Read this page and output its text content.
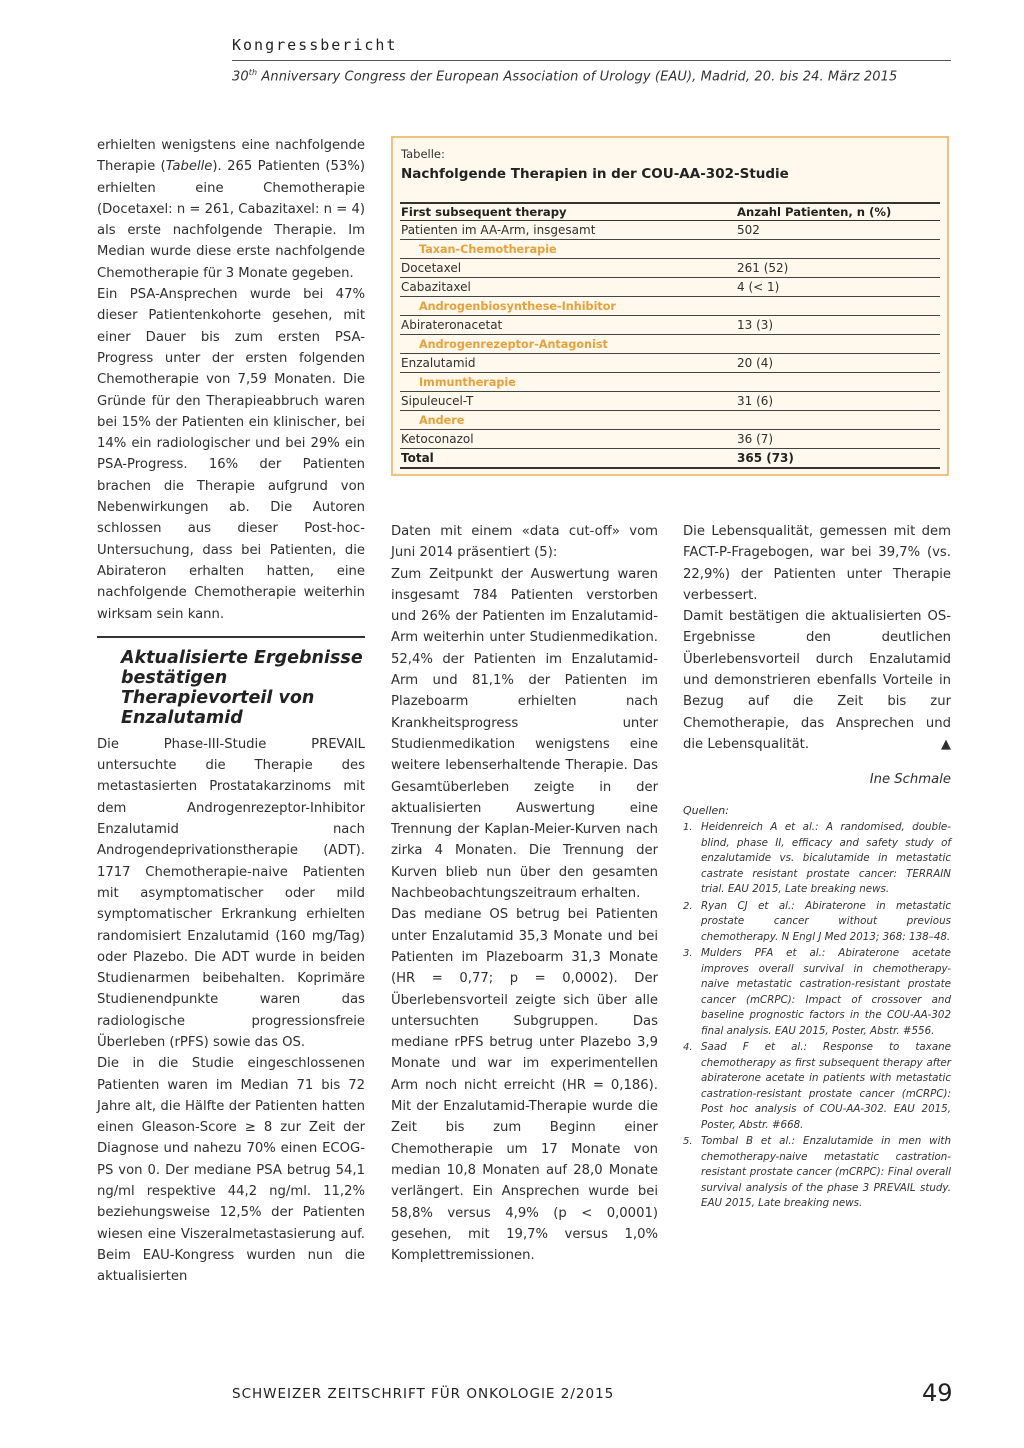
Kongressbericht
30th Anniversary Congress der European Association of Urology (EAU), Madrid, 20. bis 24. März 2015

erhielten wenigstens eine nachfolgende Therapie (Tabelle). 265 Patienten (53%) erhielten eine Chemotherapie (Docetaxel: n = 261, Cabazitaxel: n = 4) als erste nachfolgende Therapie. Im Median wurde diese erste nachfolgende Chemotherapie für 3 Monate gegeben.

Ein PSA-Ansprechen wurde bei 47% dieser Patientenkohorte gesehen, mit einer Dauer bis zum ersten PSA-Progress unter der ersten folgenden Chemotherapie von 7,59 Monaten. Die Gründe für den Therapieabbruch waren bei 15% der Patienten ein klinischer, bei 14% ein radiologischer und bei 29% ein PSA-Progress. 16% der Patienten brachen die Therapie aufgrund von Nebenwirkungen ab. Die Autoren schlossen aus dieser Post-hoc-Untersuchung, dass bei Patienten, die Abirateron erhalten hatten, eine nachfolgende Chemotherapie weiterhin wirksam sein kann.

Aktualisierte Ergebnisse bestätigen Therapievorteil von Enzalutamid

Die Phase-III-Studie PREVAIL untersuchte die Therapie des metastasierten Prostatakarzinoms mit dem Androgenrezeptor-Inhibitor Enzalutamid nach Androgendeprivationstherapie (ADT). 1717 Chemotherapie-naive Patienten mit asymptomatischer oder mild symptomatischer Erkrankung erhielten randomisiert Enzalutamid (160 mg/Tag) oder Plazebo. Die ADT wurde in beiden Studienarmen beibehalten. Koprimäre Studienendpunkte waren das radiologische progressionsfreie Überleben (rPFS) sowie das OS.

Die in die Studie eingeschlossenen Patienten waren im Median 71 bis 72 Jahre alt, die Hälfte der Patienten hatten einen Gleason-Score ≥ 8 zur Zeit der Diagnose und nahezu 70% einen ECOG-PS von 0. Der mediane PSA betrug 54,1 ng/ml respektive 44,2 ng/ml. 11,2% beziehungsweise 12,5% der Patienten wiesen eine Viszeralmetastasierung auf. Beim EAU-Kongress wurden nun die aktualisierten

Tabelle:
Nachfolgende Therapien in der COU-AA-302-Studie
First subsequent therapy	Anzahl Patienten, n (%)
Patienten im AA-Arm, insgesamt	502
Taxan-Chemotherapie
Docetaxel	261 (52)
Cabazitaxel	4 (< 1)
Androgenbiosynthese-Inhibitor
Abirateronacetat	13 (3)
Androgenrezeptor-Antagonist
Enzalutamid	20 (4)
Immuntherapie
Sipuleucel-T	31 (6)
Andere
Ketoconazol	36 (7)
Total	365 (73)

Daten mit einem «data cut-off» vom Juni 2014 präsentiert (5):

Zum Zeitpunkt der Auswertung waren insgesamt 784 Patienten verstorben und 26% der Patienten im Enzalutamid-Arm weiterhin unter Studienmedikation. 52,4% der Patienten im Enzalutamid-Arm und 81,1% der Patienten im Plazeboarm erhielten nach Krankheitsprogress unter Studienmedikation wenigstens eine weitere lebenserhaltende Therapie. Das Gesamtüberleben zeigte in der aktualisierten Auswertung eine Trennung der Kaplan-Meier-Kurven nach zirka 4 Monaten. Die Trennung der Kurven blieb nun über den gesamten Nachbeobachtungszeitraum erhalten.

Das mediane OS betrug bei Patienten unter Enzalutamid 35,3 Monate und bei Patienten im Plazeboarm 31,3 Monate (HR = 0,77; p = 0,0002). Der Überlebensvorteil zeigte sich über alle untersuchten Subgruppen. Das mediane rPFS betrug unter Plazebo 3,9 Monate und war im experimentellen Arm noch nicht erreicht (HR = 0,186). Mit der Enzalutamid-Therapie wurde die Zeit bis zum Beginn einer Chemotherapie um 17 Monate von median 10,8 Monaten auf 28,0 Monate verlängert. Ein Ansprechen wurde bei 58,8% versus 4,9% (p < 0,0001) gesehen, mit 19,7% versus 1,0% Komplettremissionen.

Die Lebensqualität, gemessen mit dem FACT-P-Fragebogen, war bei 39,7% (vs. 22,9%) der Patienten unter Therapie verbessert.

Damit bestätigen die aktualisierten OS-Ergebnisse den deutlichen Überlebensvorteil durch Enzalutamid und demonstrieren ebenfalls Vorteile in Bezug auf die Zeit bis zur Chemotherapie, das Ansprechen und die Lebensqualität.	▲

Ine Schmale
Quellen:
1. Heidenreich A et al.: A randomised, double-blind, phase II, efficacy and safety study of enzalutamide vs. bicalutamide in metastatic castrate resistant prostate cancer: TERRAIN trial. EAU 2015, Late breaking news.
2. Ryan CJ et al.: Abiraterone in metastatic prostate cancer without previous chemotherapy. N Engl J Med 2013; 368: 138–48.
3. Mulders PFA et al.: Abiraterone acetate improves overall survival in chemotherapy-naive metastatic castration-resistant prostate cancer (mCRPC): Impact of crossover and baseline prognostic factors in the COU-AA-302 final analysis. EAU 2015, Poster, Abstr. #556.
4. Saad F et al.: Response to taxane chemotherapy as first subsequent therapy after abiraterone acetate in patients with metastatic castration-resistant prostate cancer (mCRPC): Post hoc analysis of COU-AA-302. EAU 2015, Poster, Abstr. #668.
5. Tombal B et al.: Enzalutamide in men with chemotherapy-naive metastatic castration-resistant prostate cancer (mCRPC): Final overall survival analysis of the phase 3 PREVAIL study. EAU 2015, Late breaking news.
SCHWEIZER ZEITSCHRIFT FÜR ONKOLOGIE 2/2015	49
